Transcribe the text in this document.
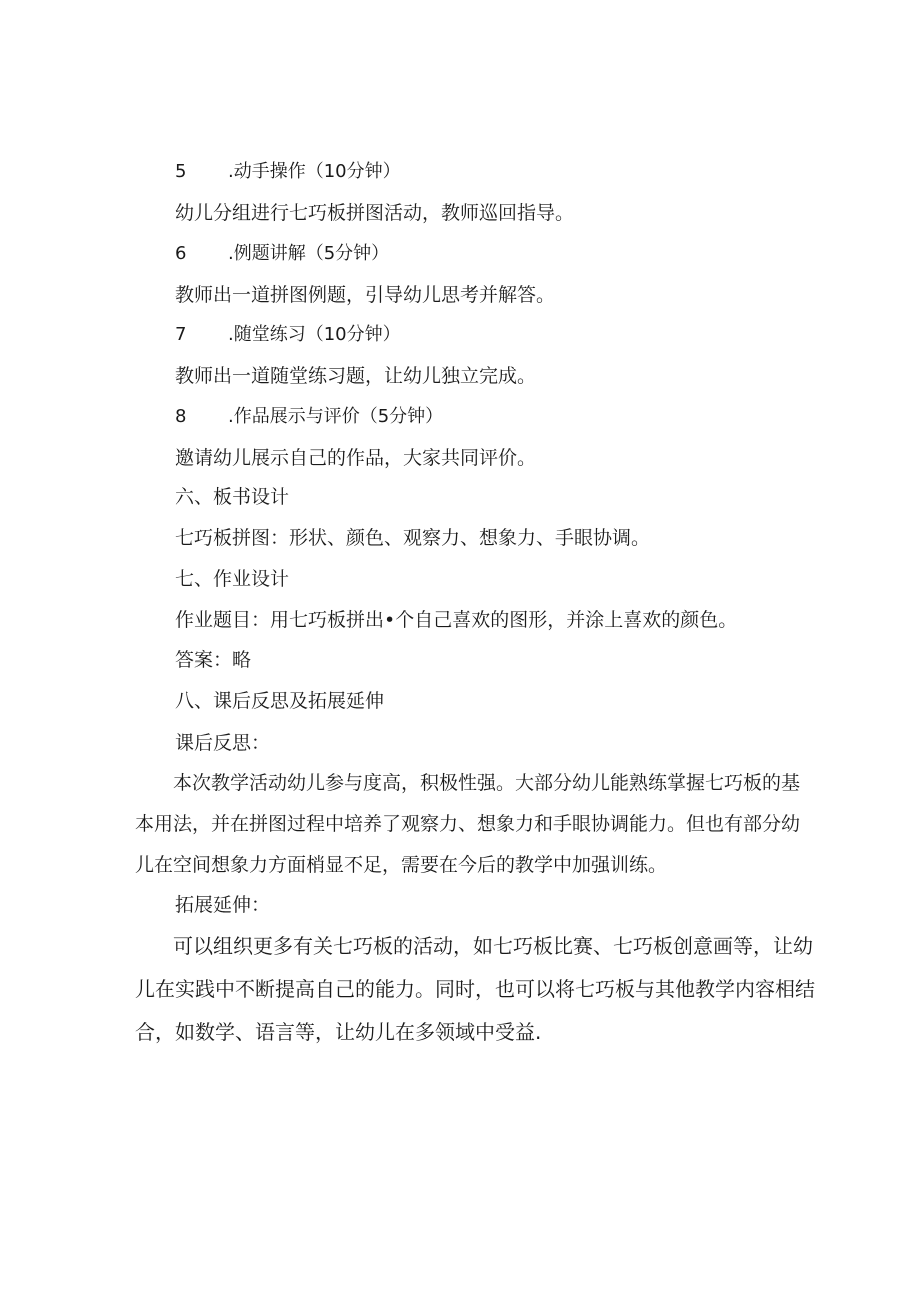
5 .动手操作（10分钟）
幼儿分组进行七巧板拼图活动，教师巡回指导。
6 .例题讲解（5分钟）
教师出一道拼图例题，引导幼儿思考并解答。
7 .随堂练习（10分钟）
教师出一道随堂练习题，让幼儿独立完成。
8 .作品展示与评价（5分钟）
邀请幼儿展示自己的作品，大家共同评价。
六、板书设计
七巧板拼图：形状、颜色、观察力、想象力、手眼协调。
七、作业设计
作业题目：用七巧板拼出•个自己喜欢的图形，并涂上喜欢的颜色。
答案：略
八、课后反思及拓展延伸
课后反思：

本次教学活动幼儿参与度高，积极性强。大部分幼儿能熟练掌握七巧板的基本用法，并在拼图过程中培养了观察力、想象力和手眼协调能力。但也有部分幼儿在空间想象力方面梢显不足，需要在今后的教学中加强训练。

拓展延伸：

可以组织更多有关七巧板的活动，如七巧板比赛、七巧板创意画等，让幼儿在实践中不断提高自己的能力。同时，也可以将七巧板与其他教学内容相结合，如数学、语言等，让幼儿在多领域中受益.
